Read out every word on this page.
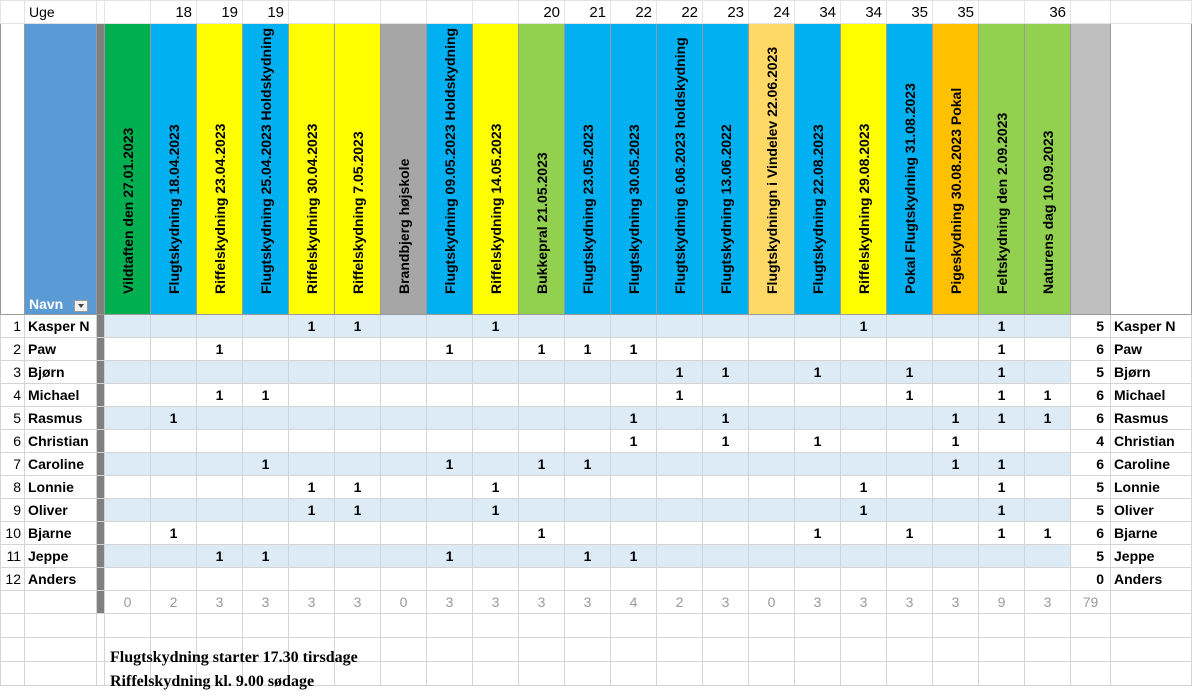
	Uge			18	19	19						20	21	22	22	23	24	34	34	35	35		36		

	Navn		Vildtaften den 27.01.2023	Flugtskydning 18.04.2023	Riffelskydning 23.04.2023	Flugtskydning 25.04.2023 Holdskydning	Riffelskydning 30.04.2023	Riffelskydning 7.05.2023	Brandbjerg højskole	Flugtskydning 09.05.2023 Holdskydning	Riffelskydning 14.05.2023	Bukkepral 21.05.2023	Flugtskydning 23.05.2023	Flugtskydning 30.05.2023	Flugtskydning 6.06.2023 holdskydning	Flugtskydning 13.06.2022	Flugtskydningn i Vindelev 22.06.2023	Flugtskydning 22.08.2023	Riffelskydning 29.08.2023	Pokal Flugtskydning 31.08.2023	Pigeskydning 30.08.2023 Pokal	Feltskydning den 2.09.2023	Naturens dag 10.09.2023		

1	Kasper N						1	1			1								1			1		5	Kasper N
2	Paw				1					1		1	1	1								1		6	Paw
3	Bjørn														1	1		1		1		1		5	Bjørn
4	Michael				1	1									1					1		1	1	6	Michael
5	Rasmus			1										1		1					1	1	1	6	Rasmus
6	Christian													1		1		1			1			4	Christian
7	Caroline					1				1		1	1								1	1		6	Caroline
8	Lonnie						1	1			1								1			1		5	Lonnie
9	Oliver						1	1			1								1			1		5	Oliver
10	Bjarne			1								1						1		1		1	1	6	Bjarne
11	Jeppe				1	1				1			1	1										5	Jeppe
12	Anders																							0	Anders
			0	2	3	3	3	3	0	3	3	3	3	4	2	3	0	3	3	3	3	9	3	79	

Flugtskydning starter 17.30 tirsdage
Riffelskydning kl. 9.00 sødage
